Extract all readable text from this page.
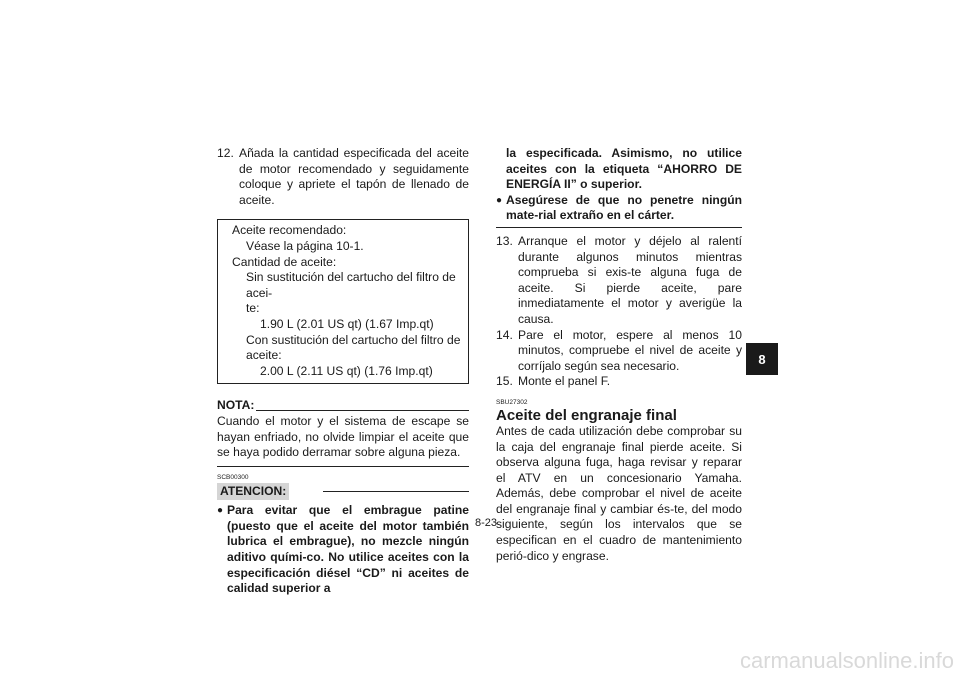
12. Añada la cantidad especificada del aceite de motor recomendado y seguidamente coloque y apriete el tapón de llenado de aceite.
Aceite recomendado:
Véase la página 10-1.
Cantidad de aceite:
Sin sustitución del cartucho del filtro de acei-
te:
1.90 L (2.01 US qt) (1.67 Imp.qt)
Con sustitución del cartucho del filtro de
aceite:
2.00 L (2.11 US qt) (1.76 Imp.qt)
NOTA:
Cuando el motor y el sistema de escape se hayan enfriado, no olvide limpiar el aceite que se haya podido derramar sobre alguna pieza.
SCB00300
ATENCION:
● Para evitar que el embrague patine (puesto que el aceite del motor también lubrica el embrague), no mezcle ningún aditivo quími-co. No utilice aceites con la especificación diésel “CD” ni aceites de calidad superior a
la especificada. Asimismo, no utilice aceites con la etiqueta “AHORRO DE ENERGÍA II” o superior.
● Asegúrese de que no penetre ningún mate-rial extraño en el cárter.
13. Arranque el motor y déjelo al ralentí durante algunos minutos mientras comprueba si exis-te alguna fuga de aceite. Si pierde aceite, pare inmediatamente el motor y averigüe la causa.
14. Pare el motor, espere al menos 10 minutos, compruebe el nivel de aceite y corríjalo según sea necesario.
15. Monte el panel F.
SBU27302
Aceite del engranaje final
Antes de cada utilización debe comprobar su la caja del engranaje final pierde aceite. Si observa alguna fuga, haga revisar y reparar el ATV en un concesionario Yamaha. Además, debe comprobar el nivel de aceite del engranaje final y cambiar és-te, del modo siguiente, según los intervalos que se especifican en el cuadro de mantenimiento perió-dico y engrase.
8-23
8
carmanualsonline.info
